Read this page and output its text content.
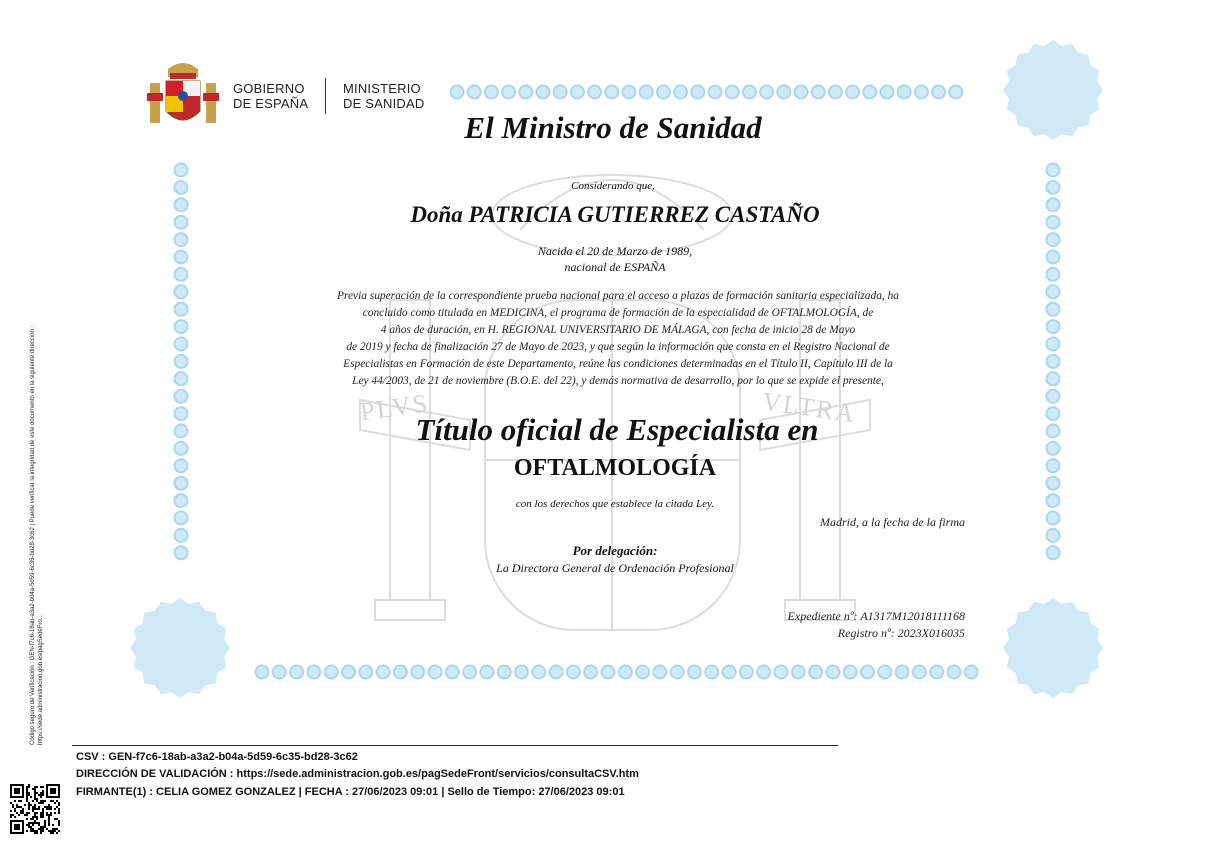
PLVS	VLTRA
GOBIERNO
DE ESPAÑA
MINISTERIO
DE SANIDAD
El Ministro de Sanidad
Considerando que,
Doña PATRICIA GUTIERREZ CASTAÑO
Nacida el 20 de Marzo de 1989,
nacional de ESPAÑA
Previa superación de la correspondiente prueba nacional para el acceso a plazas de formación sanitaria especializada, ha
concluido como titulada en MEDICINA, el programa de formación de la especialidad de OFTALMOLOGÍA, de
4 años de duración, en H. REGIONAL UNIVERSITARIO DE MÁLAGA, con fecha de inicio 28 de Mayo
de 2019 y fecha de finalización 27 de Mayo de 2023, y que según la información que consta en el Registro Nacional de
Especialistas en Formación de este Departamento, reúne las condiciones determinadas en el Título II, Capítulo III de la
Ley 44/2003, de 21 de noviembre (B.O.E. del 22), y demás normativa de desarrollo, por lo que se expide el presente,
Título oficial de Especialista en
OFTALMOLOGÍA
con los derechos que establece la citada Ley.
Madrid, a la fecha de la firma
Por delegación:
La Directora General de Ordenación Profesional
Expediente nº: A1317M12018111168
Registro nº: 2023X016035
Código seguro de Verificación : GEN-f7c6-18ab-a3a2-b04a-5d59-6c35-bd28-3c62 | Puede verificar la integridad de este documento en la siguiente dirección : https://sede.administracion.gob.es/pagSedeFro...
CSV : GEN-f7c6-18ab-a3a2-b04a-5d59-6c35-bd28-3c62
DIRECCIÓN DE VALIDACIÓN : https://sede.administracion.gob.es/pagSedeFront/servicios/consultaCSV.htm
FIRMANTE(1) : CELIA GOMEZ GONZALEZ | FECHA : 27/06/2023 09:01 | Sello de Tiempo: 27/06/2023 09:01
